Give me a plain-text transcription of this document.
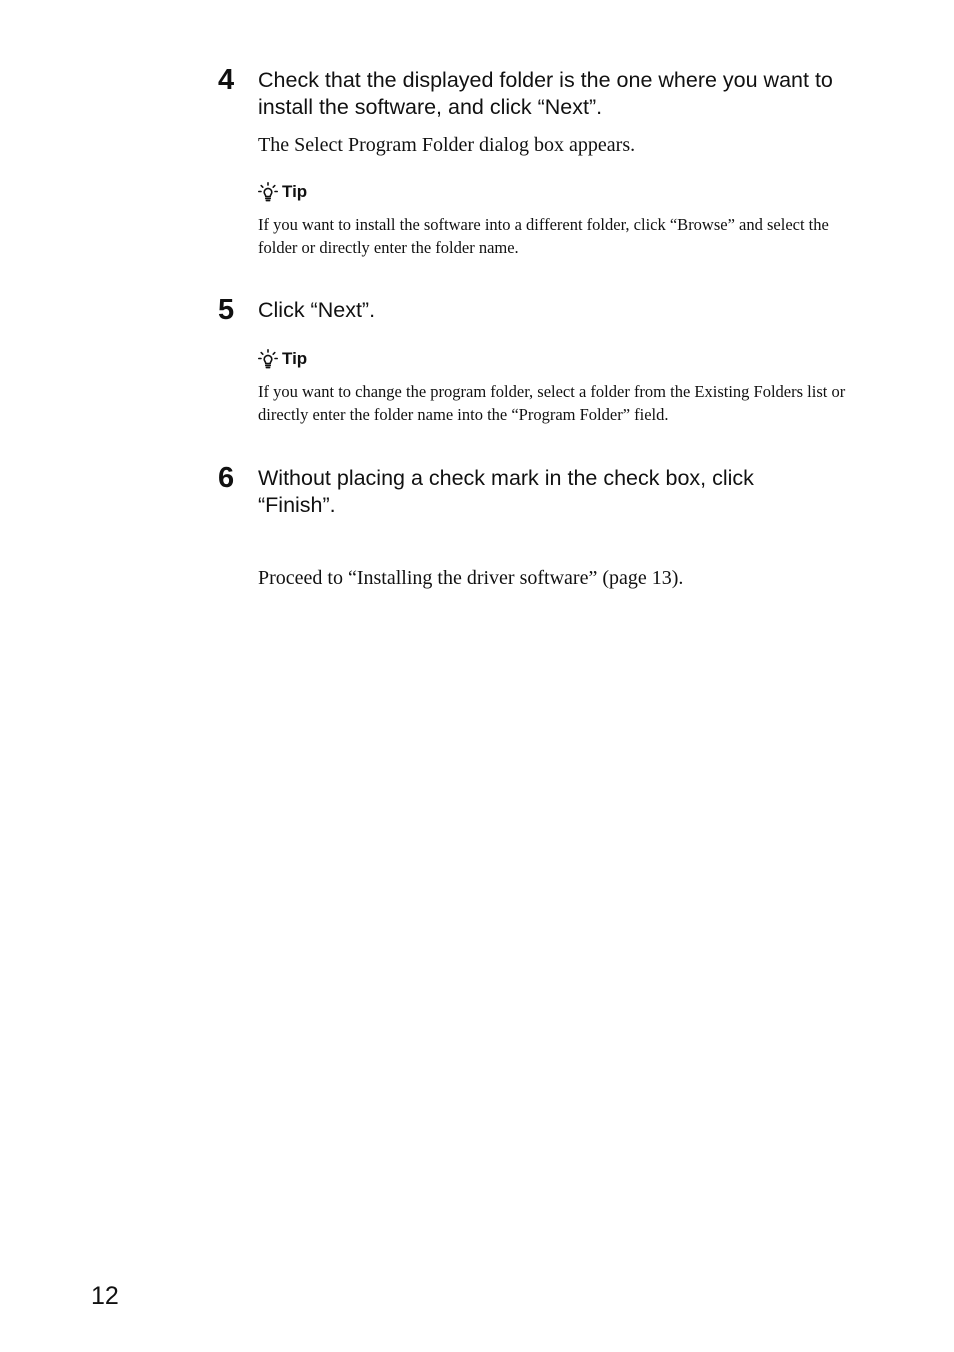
4 Check that the displayed folder is the one where you want to install the software, and click “Next”.
The Select Program Folder dialog box appears.
Tip
If you want to install the software into a different folder, click “Browse” and select the folder or directly enter the folder name.
5 Click “Next”.
Tip
If you want to change the program folder, select a folder from the Existing Folders list or directly enter the folder name into the “Program Folder” field.
6 Without placing a check mark in the check box, click “Finish”.
Proceed to “Installing the driver software” (page 13).
12
